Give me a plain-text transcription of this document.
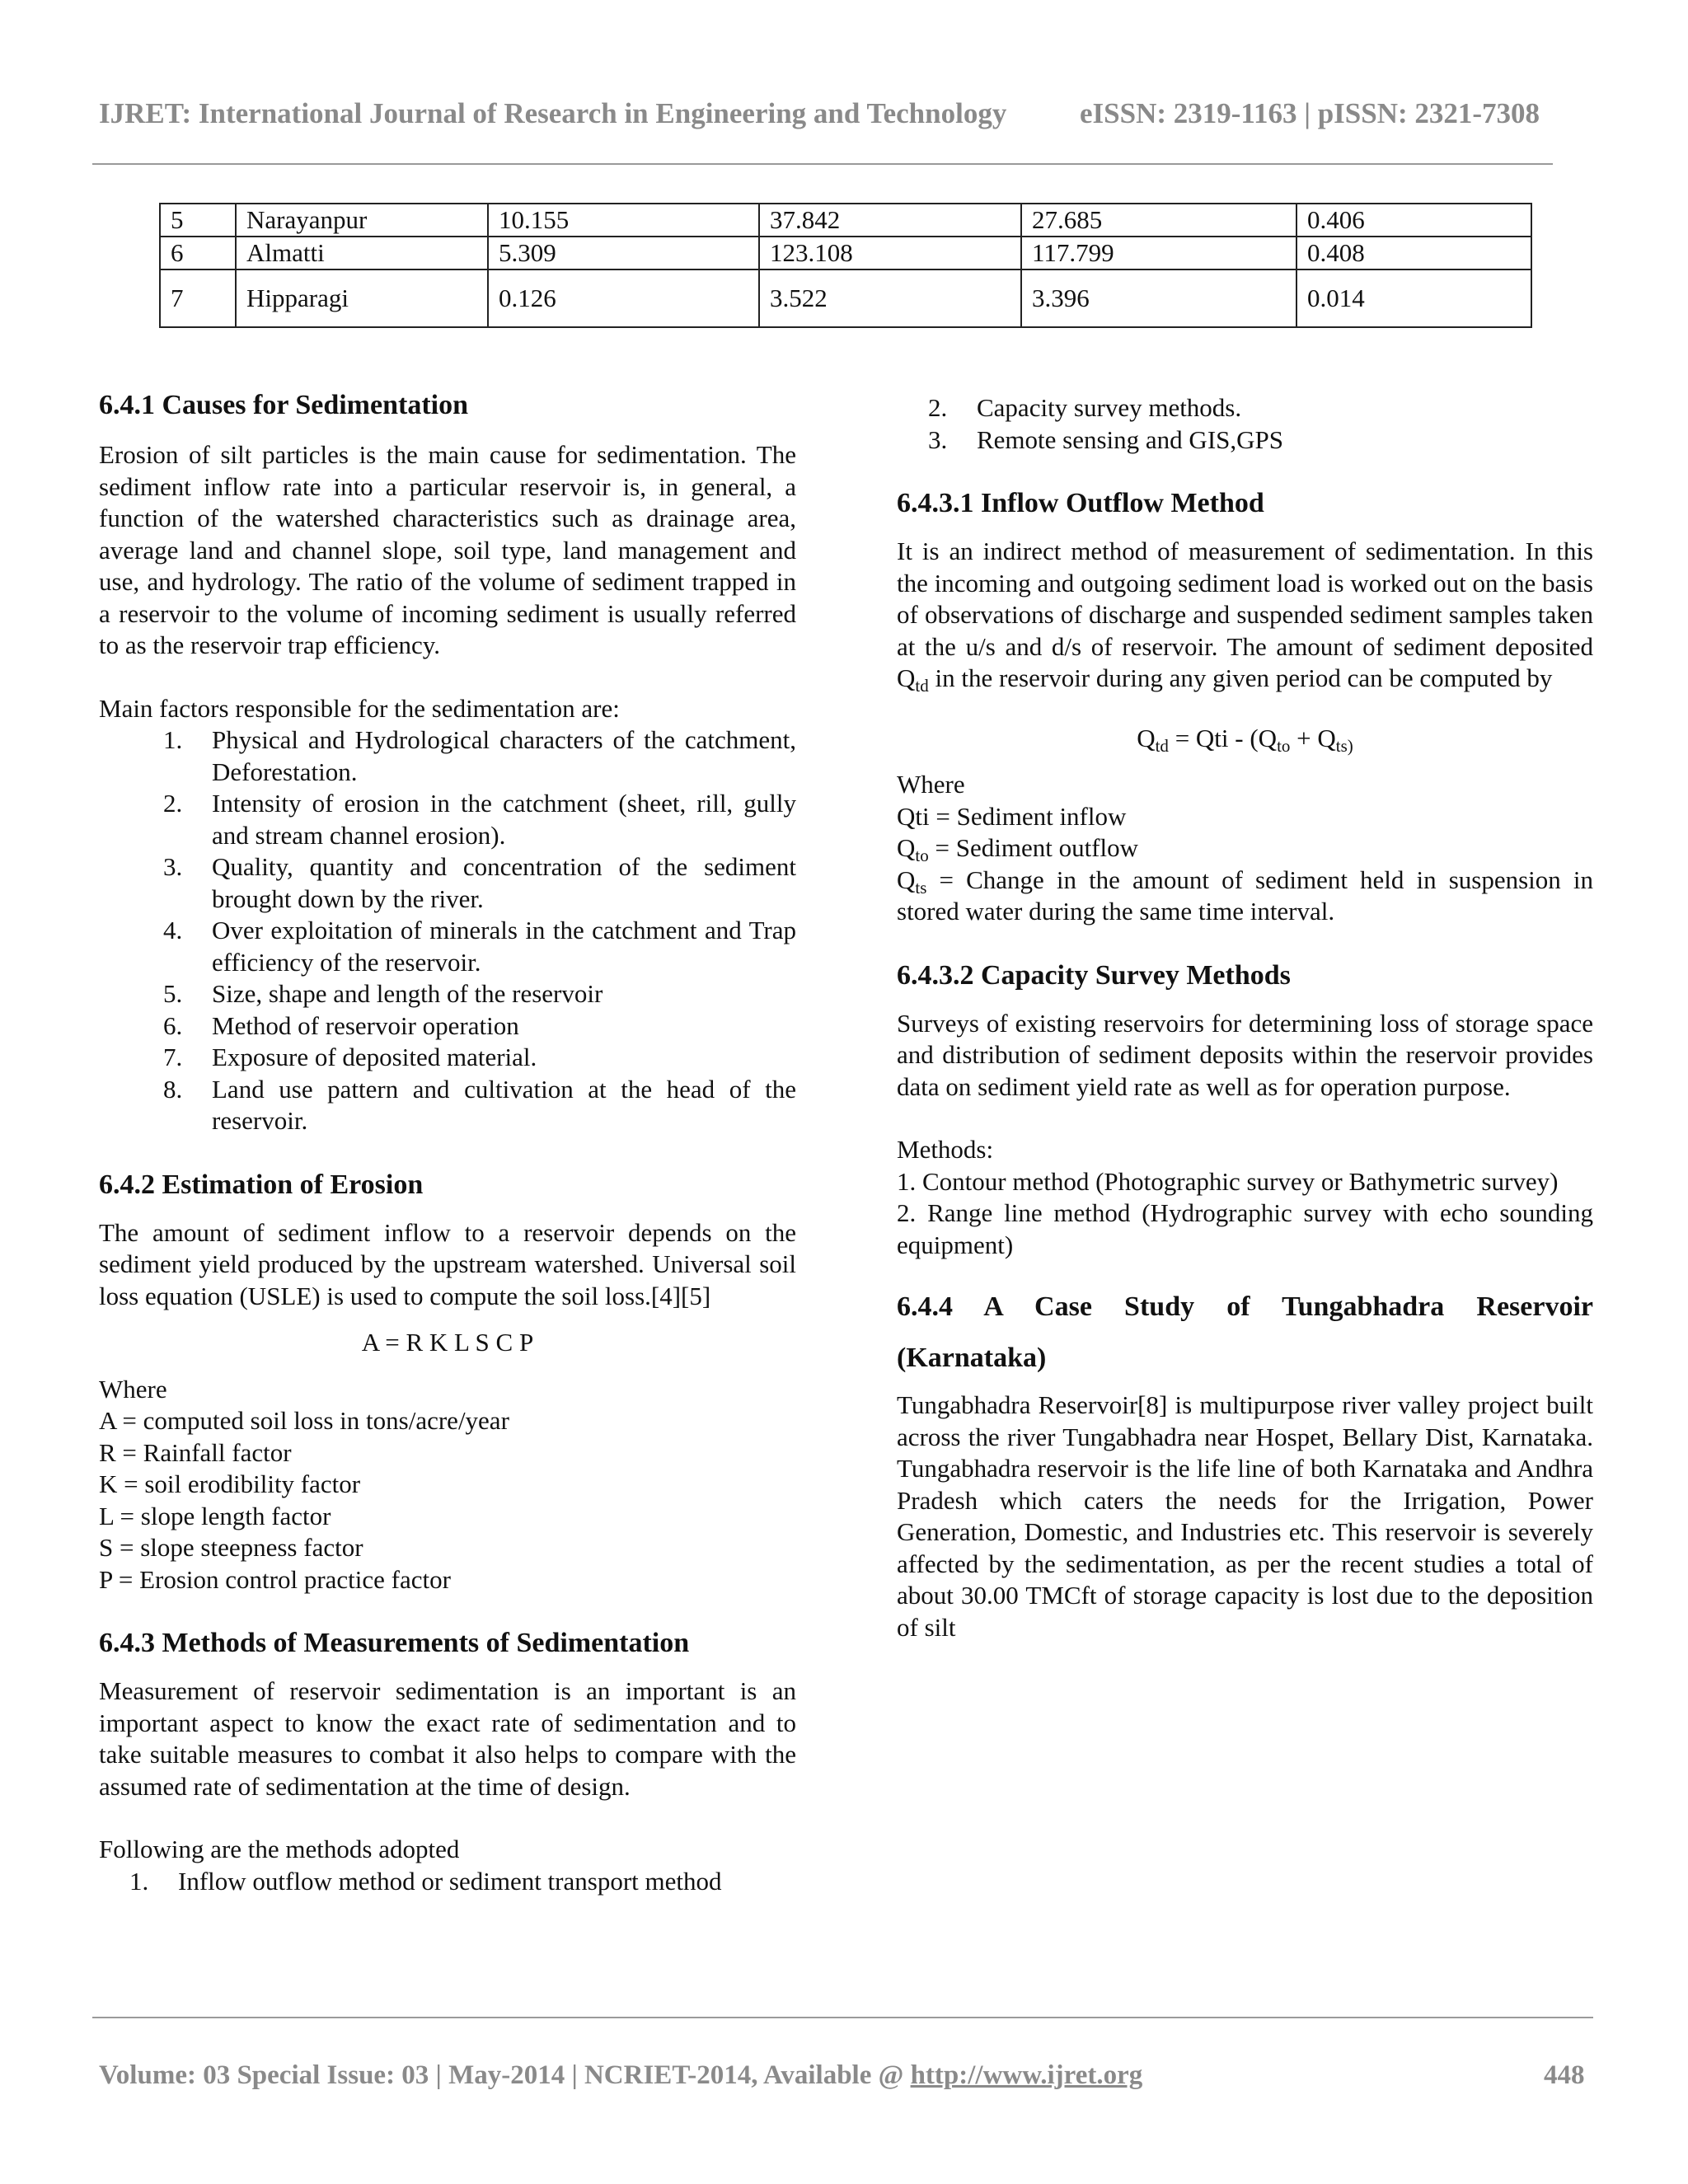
IJRET: International Journal of Research in Engineering and Technology	eISSN: 2319-1163 | pISSN: 2321-7308
5	Narayanpur	10.155	37.842	27.685	0.406
6	Almatti	5.309	123.108	117.799	0.408
7	Hipparagi	0.126	3.522	3.396	0.014
6.4.1 Causes for Sedimentation

Erosion of silt particles is the main cause for sedimentation. The sediment inflow rate into a particular reservoir is, in general, a function of the watershed characteristics such as drainage area, average land and channel slope, soil type, land management and use, and hydrology. The ratio of the volume of sediment trapped in a reservoir to the volume of incoming sediment is usually referred to as the reservoir trap efficiency.

Main factors responsible for the sedimentation are:

1. Physical and Hydrological characters of the catchment, Deforestation.
2. Intensity of erosion in the catchment (sheet, rill, gully and stream channel erosion).
3. Quality, quantity and concentration of the sediment brought down by the river.
4. Over exploitation of minerals in the catchment and Trap efficiency of the reservoir.
5. Size, shape and length of the reservoir
6. Method of reservoir operation
7. Exposure of deposited material.
8. Land use pattern and cultivation at the head of the reservoir.
6.4.2 Estimation of Erosion

The amount of sediment inflow to a reservoir depends on the sediment yield produced by the upstream watershed. Universal soil loss equation (USLE) is used to compute the soil loss.[4][5]

A = R K L S C P

Where

A = computed soil loss in tons/acre/year

R = Rainfall factor

K = soil erodibility factor

L = slope length factor

S = slope steepness factor

P = Erosion control practice factor

6.4.3 Methods of Measurements of Sedimentation

Measurement of reservoir sedimentation is an important is an important aspect to know the exact rate of sedimentation and to take suitable measures to combat it also helps to compare with the assumed rate of sedimentation at the time of design.

Following are the methods adopted

1. Inflow outflow method or sediment transport method
2. Capacity survey methods.
3. Remote sensing and GIS,GPS
6.4.3.1 Inflow Outflow Method

It is an indirect method of measurement of sedimentation. In this the incoming and outgoing sediment load is worked out on the basis of observations of discharge and suspended sediment samples taken at the u/s and d/s of reservoir. The amount of sediment deposited $Q_{td}$ in the reservoir during any given period can be computed by

$Q_{td}$ = Qti - ($Q_{to} + Q_{ts)}$

Where

Qti = Sediment inflow

$Q_{to}$ = Sediment outflow

$Q_{ts}$ = Change in the amount of sediment held in suspension in stored water during the same time interval.

6.4.3.2 Capacity Survey Methods

Surveys of existing reservoirs for determining loss of storage space and distribution of sediment deposits within the reservoir provides data on sediment yield rate as well as for operation purpose.

Methods:

1. Contour method (Photographic survey or Bathymetric survey)

2. Range line method (Hydrographic survey with echo sounding equipment)

6.4.4 A Case Study of Tungabhadra Reservoir
(Karnataka)

Tungabhadra Reservoir[8] is multipurpose river valley project built across the river Tungabhadra near Hospet, Bellary Dist, Karnataka. Tungabhadra reservoir is the life line of both Karnataka and Andhra Pradesh which caters the needs for the Irrigation, Power Generation, Domestic, and Industries etc. This reservoir is severely affected by the sedimentation, as per the recent studies a total of about 30.00 TMCft of storage capacity is lost due to the deposition of silt

Volume: 03 Special Issue: 03 | May-2014 | NCRIET-2014, Available @ http://www.ijret.org	448
